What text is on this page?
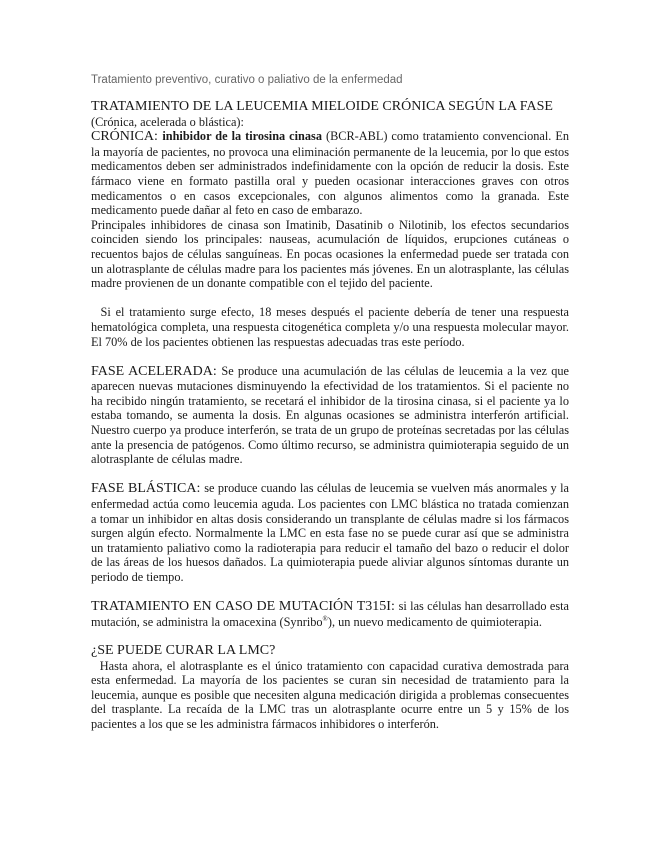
Tratamiento preventivo, curativo o paliativo de la enfermedad

TRATAMIENTO DE LA LEUCEMIA MIELOIDE CRÓNICA SEGÚN LA FASE

(Crónica, acelerada o blástica):

CRÓNICA: inhibidor de la tirosina cinasa (BCR-ABL) como tratamiento convencional. En la mayoría de pacientes, no provoca una eliminación permanente de la leucemia, por lo que estos medicamentos deben ser administrados indefinidamente con la opción de reducir la dosis. Este fármaco viene en formato pastilla oral y pueden ocasionar interacciones graves con otros medicamentos o en casos excepcionales, con algunos alimentos como la granada. Este medicamento puede dañar al feto en caso de embarazo.

Principales inhibidores de cinasa son Imatinib, Dasatinib o Nilotinib, los efectos secundarios coinciden siendo los principales: nauseas, acumulación de líquidos, erupciones cutáneas o recuentos bajos de células sanguíneas. En pocas ocasiones la enfermedad puede ser tratada con un alotrasplante de células madre para los pacientes más jóvenes. En un alotrasplante, las células madre provienen de un donante compatible con el tejido del paciente.

Si el tratamiento surge efecto, 18 meses después el paciente debería de tener una respuesta hematológica completa, una respuesta citogenética completa y/o una respuesta molecular mayor. El 70% de los pacientes obtienen las respuestas adecuadas tras este período.

FASE ACELERADA: Se produce una acumulación de las células de leucemia a la vez que aparecen nuevas mutaciones disminuyendo la efectividad de los tratamientos. Si el paciente no ha recibido ningún tratamiento, se recetará el inhibidor de la tirosina cinasa, si el paciente ya lo estaba tomando, se aumenta la dosis. En algunas ocasiones se administra interferón artificial. Nuestro cuerpo ya produce interferón, se trata de un grupo de proteínas secretadas por las células ante la presencia de patógenos. Como último recurso, se administra quimioterapia seguido de un alotrasplante de células madre.

FASE BLÁSTICA: se produce cuando las células de leucemia se vuelven más anormales y la enfermedad actúa como leucemia aguda. Los pacientes con LMC blástica no tratada comienzan a tomar un inhibidor en altas dosis considerando un transplante de células madre si los fármacos surgen algún efecto. Normalmente la LMC en esta fase no se puede curar así que se administra un tratamiento paliativo como la radioterapia para reducir el tamaño del bazo o reducir el dolor de las áreas de los huesos dañados. La quimioterapia puede aliviar algunos síntomas durante un periodo de tiempo.

TRATAMIENTO EN CASO DE MUTACIÓN T315I: si las células han desarrollado esta mutación, se administra la omacexina (Synribo®), un nuevo medicamento de quimioterapia.

¿SE PUEDE CURAR LA LMC?

Hasta ahora, el alotrasplante es el único tratamiento con capacidad curativa demostrada para esta enfermedad. La mayoría de los pacientes se curan sin necesidad de tratamiento para la leucemia, aunque es posible que necesiten alguna medicación dirigida a problemas consecuentes del trasplante. La recaída de la LMC tras un alotrasplante ocurre entre un 5 y 15% de los pacientes a los que se les administra fármacos inhibidores o interferón.
